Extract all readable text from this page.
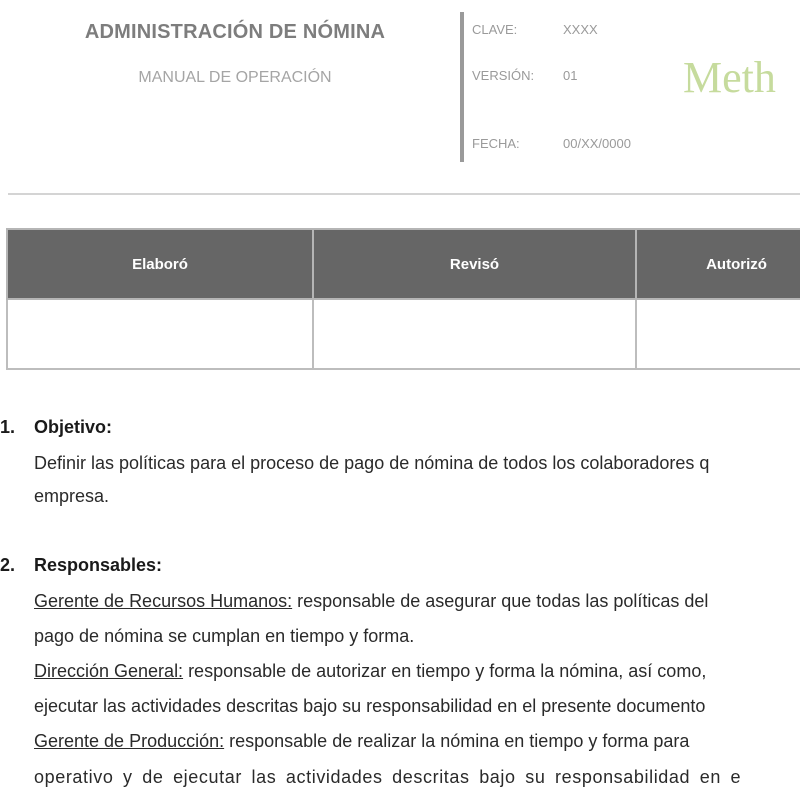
ADMINISTRACIÓN DE NÓMINA
MANUAL DE OPERACIÓN
CLAVE:	XXXX
VERSIÓN: 01
FECHA:	00/XX/0000
Meth
Elaboró	Revisó	Autorizó

1. Objetivo:
Definir las políticas para el proceso de pago de nómina de todos los colaboradores q
empresa.
2. Responsables:
Gerente de Recursos Humanos: responsable de asegurar que todas las políticas del
pago de nómina se cumplan en tiempo y forma.
Dirección General: responsable de autorizar en tiempo y forma la nómina, así como,
ejecutar las actividades descritas bajo su responsabilidad en el presente documento
Gerente de Producción: responsable de realizar la nómina en tiempo y forma para
operativo y de ejecutar las actividades descritas bajo su responsabilidad en e
